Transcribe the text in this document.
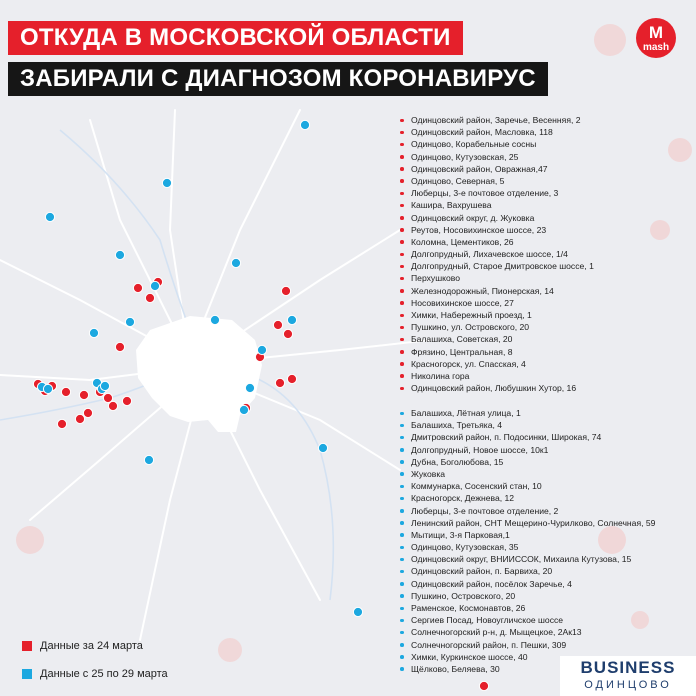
ОТКУДА В МОСКОВСКОЙ ОБЛАСТИ
ЗАБИРАЛИ С ДИАГНОЗОМ КОРОНАВИРУС
M
mash
Одинцовский район, Заречье, Весенняя, 2
Одинцовский район, Масловка, 118
Одинцово, Корабельные сосны
Одинцово, Кутузовская, 25
Одинцовский район, Овражная,47
Одинцово, Северная, 5
Люберцы, 3-е почтовое отделение, 3
Кашира, Вахрушева
Одинцовский округ, д. Жуковка
Реутов, Носовихинское шоссе, 23
Коломна, Цементиков, 26
Долгопрудный, Лихачевское шоссе, 1/4
Долгопрудный, Старое Дмитровское шоссе, 1
Перхушково
Железнодорожный, Пионерская, 14
Носовихинское шоссе, 27
Химки, Набережный проезд, 1
Пушкино, ул. Островского, 20
Балашиха, Советская, 20
Фрязино, Центральная, 8
Красногорск, ул. Спасская, 4
Николина гора
Одинцовский район, Любушкин Хутор, 16
Балашиха, Лётная улица, 1
Балашиха, Третьяка, 4
Дмитровский район, п. Подосинки, Широкая, 74
Долгопрудный, Новое шоссе, 10к1
Дубна, Боголюбова, 15
Жуковка
Коммунарка, Сосенский стан, 10
Красногорск, Дежнева, 12
Люберцы, 3-е почтовое отделение, 2
Ленинский район, СНТ Мещерино-Чурилково, Солнечная, 59
Мытищи, 3-я Парковая,1
Одинцово, Кутузовская, 35
Одинцовский округ, ВНИИССОК, Михаила Кутузова, 15
Одинцовский район, п. Барвиха, 20
Одинцовский район, посёлок Заречье, 4
Пушкино, Островского, 20
Раменское, Космонавтов, 26
Сергиев Посад, Новоугличское шоссе
Солнечногорский р-н, д. Мыщецкое, 2Ак13
Солнечногорский район, п. Пешки, 309
Химки, Куркинское шоссе, 40
Щёлково, Беляева, 30
Данные за 24 марта
Данные с 25 по 29 марта	BUSINESS
ОДИНЦОВО
